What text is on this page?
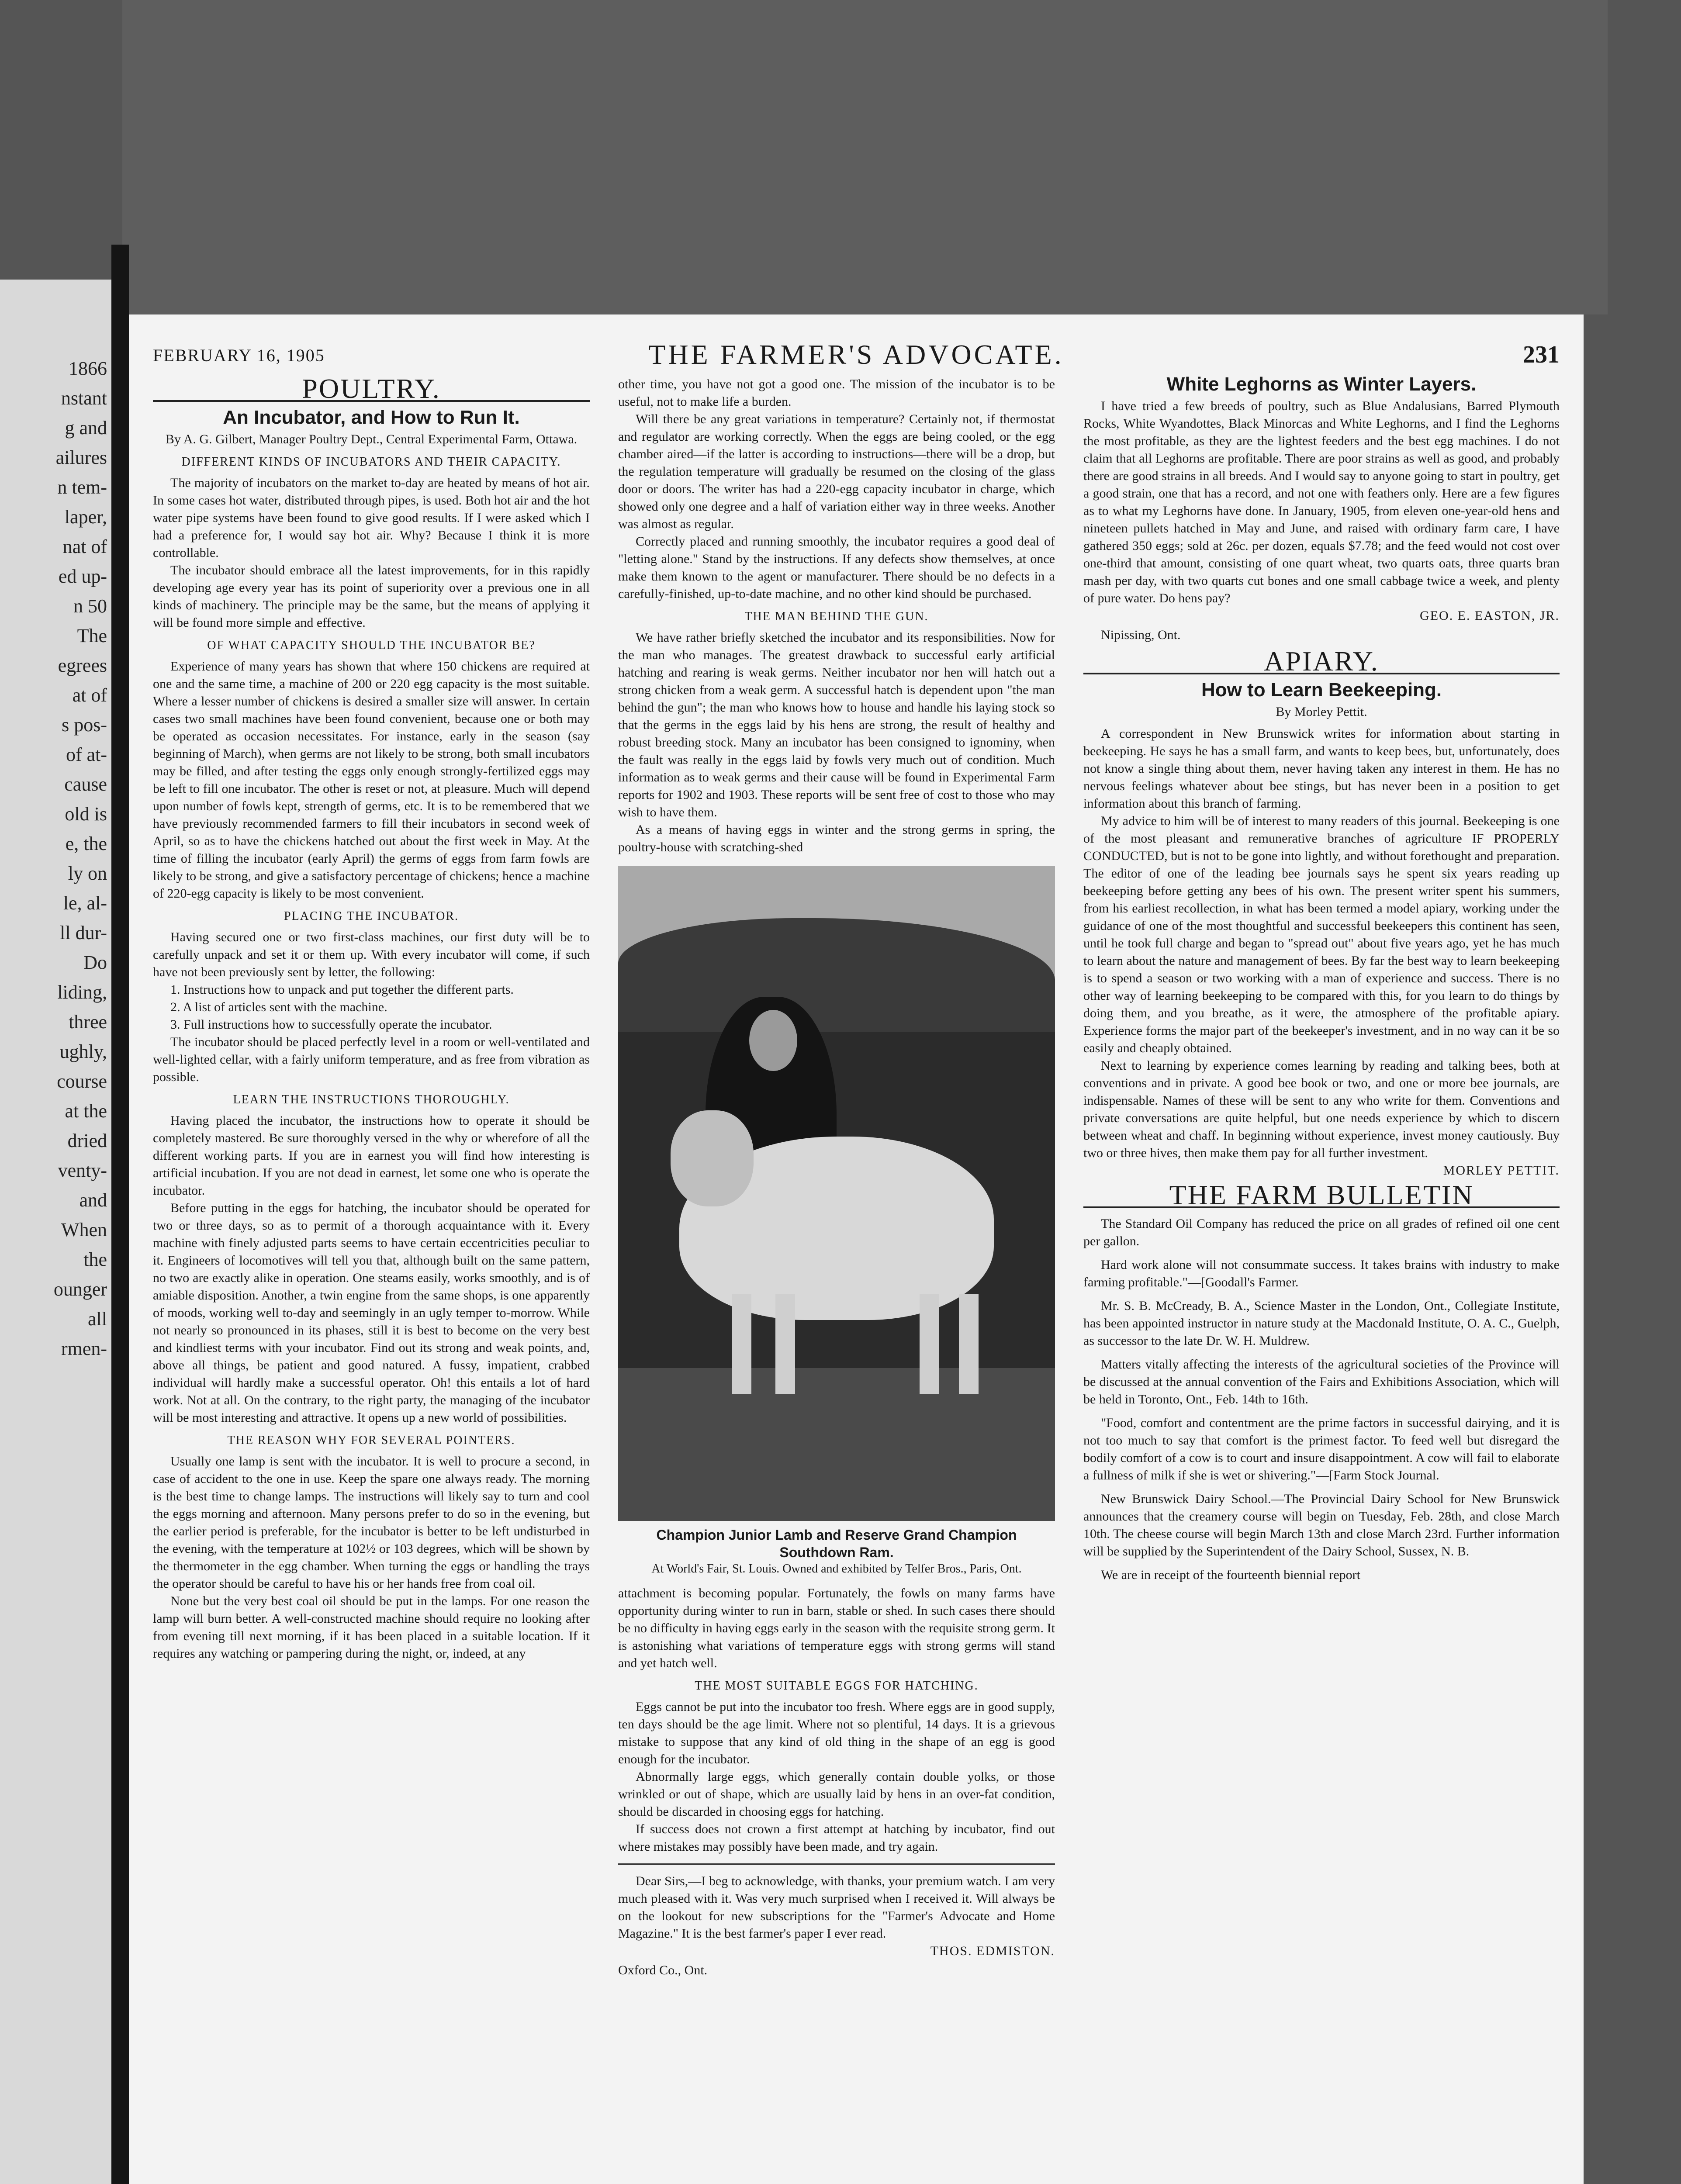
1866
nstant
g and
ailures
n tem-
laper,
nat of
ed up-
n 50
The
egrees
at of
s pos-
of at-
cause
old is
e, the
ly on
le, al-
ll dur-
Do
liding,
three
ughly,
course
at the
dried
venty-
and
When
the
ounger
all
rmen-
FEBRUARY 16, 1905	THE FARMER'S ADVOCATE.	231
POULTRY.
An Incubator, and How to Run It.
By A. G. Gilbert, Manager Poultry Dept., Central Experimental Farm, Ottawa.
DIFFERENT KINDS OF INCUBATORS AND THEIR CAPACITY.

The majority of incubators on the market to-day are heated by means of hot air. In some cases hot water, distributed through pipes, is used. Both hot air and the hot water pipe systems have been found to give good results. If I were asked which I had a preference for, I would say hot air. Why? Because I think it is more controllable.

The incubator should embrace all the latest improvements, for in this rapidly developing age every year has its point of superiority over a previous one in all kinds of machinery. The principle may be the same, but the means of applying it will be found more simple and effective.

OF WHAT CAPACITY SHOULD THE INCUBATOR BE?

Experience of many years has shown that where 150 chickens are required at one and the same time, a machine of 200 or 220 egg capacity is the most suitable. Where a lesser number of chickens is desired a smaller size will answer. In certain cases two small machines have been found convenient, because one or both may be operated as occasion necessitates. For instance, early in the season (say beginning of March), when germs are not likely to be strong, both small incubators may be filled, and after testing the eggs only enough strongly-fertilized eggs may be left to fill one incubator. The other is reset or not, at pleasure. Much will depend upon number of fowls kept, strength of germs, etc. It is to be remembered that we have previously recommended farmers to fill their incubators in second week of April, so as to have the chickens hatched out about the first week in May. At the time of filling the incubator (early April) the germs of eggs from farm fowls are likely to be strong, and give a satisfactory percentage of chickens; hence a machine of 220-egg capacity is likely to be most convenient.

PLACING THE INCUBATOR.

Having secured one or two first-class machines, our first duty will be to carefully unpack and set it or them up. With every incubator will come, if such have not been previously sent by letter, the following:

1. Instructions how to unpack and put together the different parts.

2. A list of articles sent with the machine.

3. Full instructions how to successfully operate the incubator.

The incubator should be placed perfectly level in a room or well-ventilated and well-lighted cellar, with a fairly uniform temperature, and as free from vibration as possible.

LEARN THE INSTRUCTIONS THOROUGHLY.

Having placed the incubator, the instructions how to operate it should be completely mastered. Be sure thoroughly versed in the why or wherefore of all the different working parts. If you are in earnest you will find how interesting is artificial incubation. If you are not dead in earnest, let some one who is operate the incubator.

Before putting in the eggs for hatching, the incubator should be operated for two or three days, so as to permit of a thorough acquaintance with it. Every machine with finely adjusted parts seems to have certain eccentricities peculiar to it. Engineers of locomotives will tell you that, although built on the same pattern, no two are exactly alike in operation. One steams easily, works smoothly, and is of amiable disposition. Another, a twin engine from the same shops, is one apparently of moods, working well to-day and seemingly in an ugly temper to-morrow. While not nearly so pronounced in its phases, still it is best to become on the very best and kindliest terms with your incubator. Find out its strong and weak points, and, above all things, be patient and good natured. A fussy, impatient, crabbed individual will hardly make a successful operator. Oh! this entails a lot of hard work. Not at all. On the contrary, to the right party, the managing of the incubator will be most interesting and attractive. It opens up a new world of possibilities.

THE REASON WHY FOR SEVERAL POINTERS.

Usually one lamp is sent with the incubator. It is well to procure a second, in case of accident to the one in use. Keep the spare one always ready. The morning is the best time to change lamps. The instructions will likely say to turn and cool the eggs morning and afternoon. Many persons prefer to do so in the evening, but the earlier period is preferable, for the incubator is better to be left undisturbed in the evening, with the temperature at 102½ or 103 degrees, which will be shown by the thermometer in the egg chamber. When turning the eggs or handling the trays the operator should be careful to have his or her hands free from coal oil.

None but the very best coal oil should be put in the lamps. For one reason the lamp will burn better. A well-constructed machine should require no looking after from evening till next morning, if it has been placed in a suitable location. If it requires any watching or pampering during the night, or, indeed, at any

other time, you have not got a good one. The mission of the incubator is to be useful, not to make life a burden.

Will there be any great variations in temperature? Certainly not, if thermostat and regulator are working correctly. When the eggs are being cooled, or the egg chamber aired—if the latter is according to instructions—there will be a drop, but the regulation temperature will gradually be resumed on the closing of the glass door or doors. The writer has had a 220-egg capacity incubator in charge, which showed only one degree and a half of variation either way in three weeks. Another was almost as regular.

Correctly placed and running smoothly, the incubator requires a good deal of "letting alone." Stand by the instructions. If any defects show themselves, at once make them known to the agent or manufacturer. There should be no defects in a carefully-finished, up-to-date machine, and no other kind should be purchased.

THE MAN BEHIND THE GUN.

We have rather briefly sketched the incubator and its responsibilities. Now for the man who manages. The greatest drawback to successful early artificial hatching and rearing is weak germs. Neither incubator nor hen will hatch out a strong chicken from a weak germ. A successful hatch is dependent upon "the man behind the gun"; the man who knows how to house and handle his laying stock so that the germs in the eggs laid by his hens are strong, the result of healthy and robust breeding stock. Many an incubator has been consigned to ignominy, when the fault was really in the eggs laid by fowls very much out of condition. Much information as to weak germs and their cause will be found in Experimental Farm reports for 1902 and 1903. These reports will be sent free of cost to those who may wish to have them.

As a means of having eggs in winter and the strong germs in spring, the poultry-house with scratching-shed

Champion Junior Lamb and Reserve Grand Champion Southdown Ram.
At World's Fair, St. Louis. Owned and exhibited by Telfer Bros., Paris, Ont.

attachment is becoming popular. Fortunately, the fowls on many farms have opportunity during winter to run in barn, stable or shed. In such cases there should be no difficulty in having eggs early in the season with the requisite strong germ. It is astonishing what variations of temperature eggs with strong germs will stand and yet hatch well.

THE MOST SUITABLE EGGS FOR HATCHING.

Eggs cannot be put into the incubator too fresh. Where eggs are in good supply, ten days should be the age limit. Where not so plentiful, 14 days. It is a grievous mistake to suppose that any kind of old thing in the shape of an egg is good enough for the incubator.

Abnormally large eggs, which generally contain double yolks, or those wrinkled or out of shape, which are usually laid by hens in an over-fat condition, should be discarded in choosing eggs for hatching.

If success does not crown a first attempt at hatching by incubator, find out where mistakes may possibly have been made, and try again.

Dear Sirs,—I beg to acknowledge, with thanks, your premium watch. I am very much pleased with it. Was very much surprised when I received it. Will always be on the lookout for new subscriptions for the "Farmer's Advocate and Home Magazine." It is the best farmer's paper I ever read.

THOS. EDMISTON.
Oxford Co., Ont.
White Leghorns as Winter Layers.

I have tried a few breeds of poultry, such as Blue Andalusians, Barred Plymouth Rocks, White Wyandottes, Black Minorcas and White Leghorns, and I find the Leghorns the most profitable, as they are the lightest feeders and the best egg machines. I do not claim that all Leghorns are profitable. There are poor strains as well as good, and probably there are good strains in all breeds. And I would say to anyone going to start in poultry, get a good strain, one that has a record, and not one with feathers only. Here are a few figures as to what my Leghorns have done. In January, 1905, from eleven one-year-old hens and nineteen pullets hatched in May and June, and raised with ordinary farm care, I have gathered 350 eggs; sold at 26c. per dozen, equals $7.78; and the feed would not cost over one-third that amount, consisting of one quart wheat, two quarts oats, three quarts bran mash per day, with two quarts cut bones and one small cabbage twice a week, and plenty of pure water. Do hens pay?

GEO. E. EASTON, JR.
Nipissing, Ont.
APIARY.
How to Learn Beekeeping.
By Morley Pettit.

A correspondent in New Brunswick writes for information about starting in beekeeping. He says he has a small farm, and wants to keep bees, but, unfortunately, does not know a single thing about them, never having taken any interest in them. He has no nervous feelings whatever about bee stings, but has never been in a position to get information about this branch of farming.

My advice to him will be of interest to many readers of this journal. Beekeeping is one of the most pleasant and remunerative branches of agriculture IF PROPERLY CONDUCTED, but is not to be gone into lightly, and without forethought and preparation. The editor of one of the leading bee journals says he spent six years reading up beekeeping before getting any bees of his own. The present writer spent his summers, from his earliest recollection, in what has been termed a model apiary, working under the guidance of one of the most thoughtful and successful beekeepers this continent has seen, until he took full charge and began to "spread out" about five years ago, yet he has much to learn about the nature and management of bees. By far the best way to learn beekeeping is to spend a season or two working with a man of experience and success. There is no other way of learning beekeeping to be compared with this, for you learn to do things by doing them, and you breathe, as it were, the atmosphere of the profitable apiary. Experience forms the major part of the beekeeper's investment, and in no way can it be so easily and cheaply obtained.

Next to learning by experience comes learning by reading and talking bees, both at conventions and in private. A good bee book or two, and one or more bee journals, are indispensable. Names of these will be sent to any who write for them. Conventions and private conversations are quite helpful, but one needs experience by which to discern between wheat and chaff. In beginning without experience, invest money cautiously. Buy two or three hives, then make them pay for all further investment.

MORLEY PETTIT.
THE FARM BULLETIN

The Standard Oil Company has reduced the price on all grades of refined oil one cent per gallon.

Hard work alone will not consummate success. It takes brains with industry to make farming profitable."—[Goodall's Farmer.

Mr. S. B. McCready, B. A., Science Master in the London, Ont., Collegiate Institute, has been appointed instructor in nature study at the Macdonald Institute, O. A. C., Guelph, as successor to the late Dr. W. H. Muldrew.

Matters vitally affecting the interests of the agricultural societies of the Province will be discussed at the annual convention of the Fairs and Exhibitions Association, which will be held in Toronto, Ont., Feb. 14th to 16th.

"Food, comfort and contentment are the prime factors in successful dairying, and it is not too much to say that comfort is the primest factor. To feed well but disregard the bodily comfort of a cow is to court and insure disappointment. A cow will fail to elaborate a fullness of milk if she is wet or shivering."—[Farm Stock Journal.

New Brunswick Dairy School.—The Provincial Dairy School for New Brunswick announces that the creamery course will begin on Tuesday, Feb. 28th, and close March 10th. The cheese course will begin March 13th and close March 23rd. Further information will be supplied by the Superintendent of the Dairy School, Sussex, N. B.

We are in receipt of the fourteenth biennial report
